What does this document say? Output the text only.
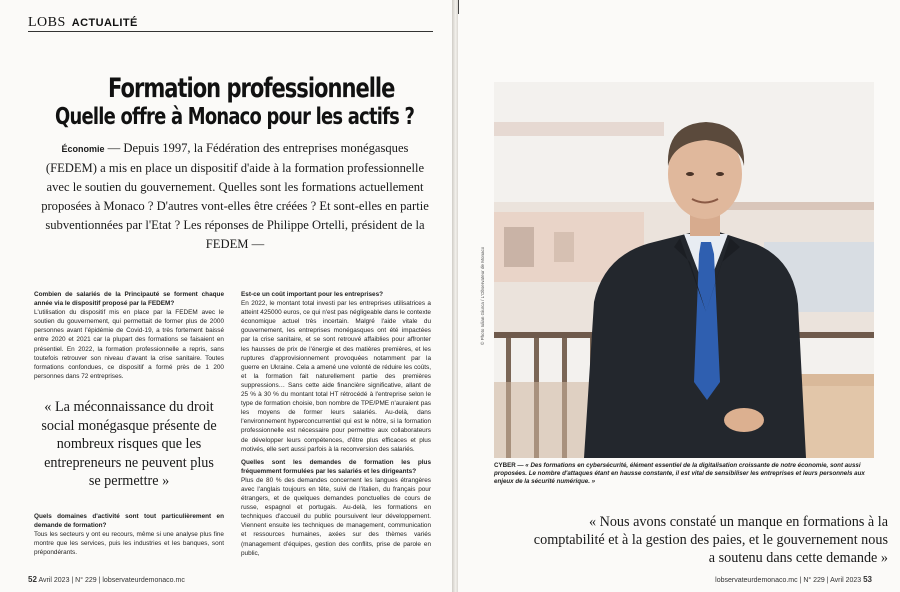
LOBS ACTUALITÉ
Formation professionnelle
Quelle offre à Monaco pour les actifs ?

Économie — Depuis 1997, la Fédération des entreprises monégasques (FEDEM) a mis en place un dispositif d'aide à la formation professionnelle avec le soutien du gouvernement. Quelles sont les formations actuellement proposées à Monaco ? D'autres vont-elles être créées ? Et sont-elles en partie subventionnées par l'Etat ? Les réponses de Philippe Ortelli, président de la FEDEM —

Combien de salariés de la Principauté se forment chaque année via le dispositif proposé par la FEDEM?

L'utilisation du dispositif mis en place par la FEDEM avec le soutien du gouvernement, qui permettait de former plus de 2000 personnes avant l'épidémie de Covid-19, a très fortement baissé entre 2020 et 2021 car la plupart des formations se faisaient en présentiel. En 2022, la formation professionnelle a repris, sans toutefois retrouver son niveau d'avant la crise sanitaire. Toutes formations confondues, ce dispositif a formé près de 1 200 personnes dans 72 entreprises.

« La méconnaissance du droit social monégasque présente de nombreux risques que les entrepreneurs ne peuvent plus se permettre »

Quels domaines d'activité sont tout particulièrement en demande de formation?

Tous les secteurs y ont eu recours, même si une analyse plus fine montre que les services, puis les industries et les banques, sont prépondérants.

Est-ce un coût important pour les entreprises?

En 2022, le montant total investi par les entreprises utilisatrices a atteint 425000 euros, ce qui n'est pas négligeable dans le contexte économique actuel très incertain. Malgré l'aide vitale du gouvernement, les entreprises monégasques ont été impactées par la crise sanitaire, et se sont retrouvé affaiblies pour affronter les hausses de prix de l'énergie et des matières premières, et les ruptures d'approvisionnement provoquées notamment par la guerre en Ukraine. Cela a amené une volonté de réduire les coûts, et la formation fait naturellement partie des premières suppressions… Sans cette aide financière significative, allant de 25 % à 30 % du montant total HT rétrocédé à l'entreprise selon le type de formation choisie, bon nombre de TPE/PME n'auraient pas les moyens de former leurs salariés. Au-delà, dans l'environnement hyperconcurrentiel qui est le nôtre, si la formation professionnelle est nécessaire pour permettre aux collaborateurs de développer leurs compétences, d'être plus efficaces et plus motivés, elle sert aussi parfois à la reconversion des salariés.

Quelles sont les demandes de formation les plus fréquemment formulées par les salariés et les dirigeants?

Plus de 80 % des demandes concernent les langues étrangères avec l'anglais toujours en tête, suivi de l'italien, du français pour étrangers, et de quelques demandes ponctuelles de cours de russe, espagnol et portugais. Au-delà, les formations en techniques d'accueil du public poursuivent leur développement. Viennent ensuite les techniques de management, communication et ressources humaines, axées sur des thèmes variés (management d'équipes, gestion des conflits, prise de parole en public,

52 Avril 2023 | N° 229 | lobservateurdemonaco.mc
© Photo Iulian Giurca / L'Observateur de Monaco

CYBER — « Des formations en cybersécurité, élément essentiel de la digitalisation croissante de notre économie, sont aussi proposées. Le nombre d'attaques étant en hausse constante, il est vital de sensibiliser les entreprises et leurs personnels aux enjeux de la sécurité numérique. »

« Nous avons constaté un manque en formations à la comptabilité et à la gestion des paies, et le gouvernement nous a soutenu dans cette demande »

lobservateurdemonaco.mc | N° 229 | Avril 2023 53
